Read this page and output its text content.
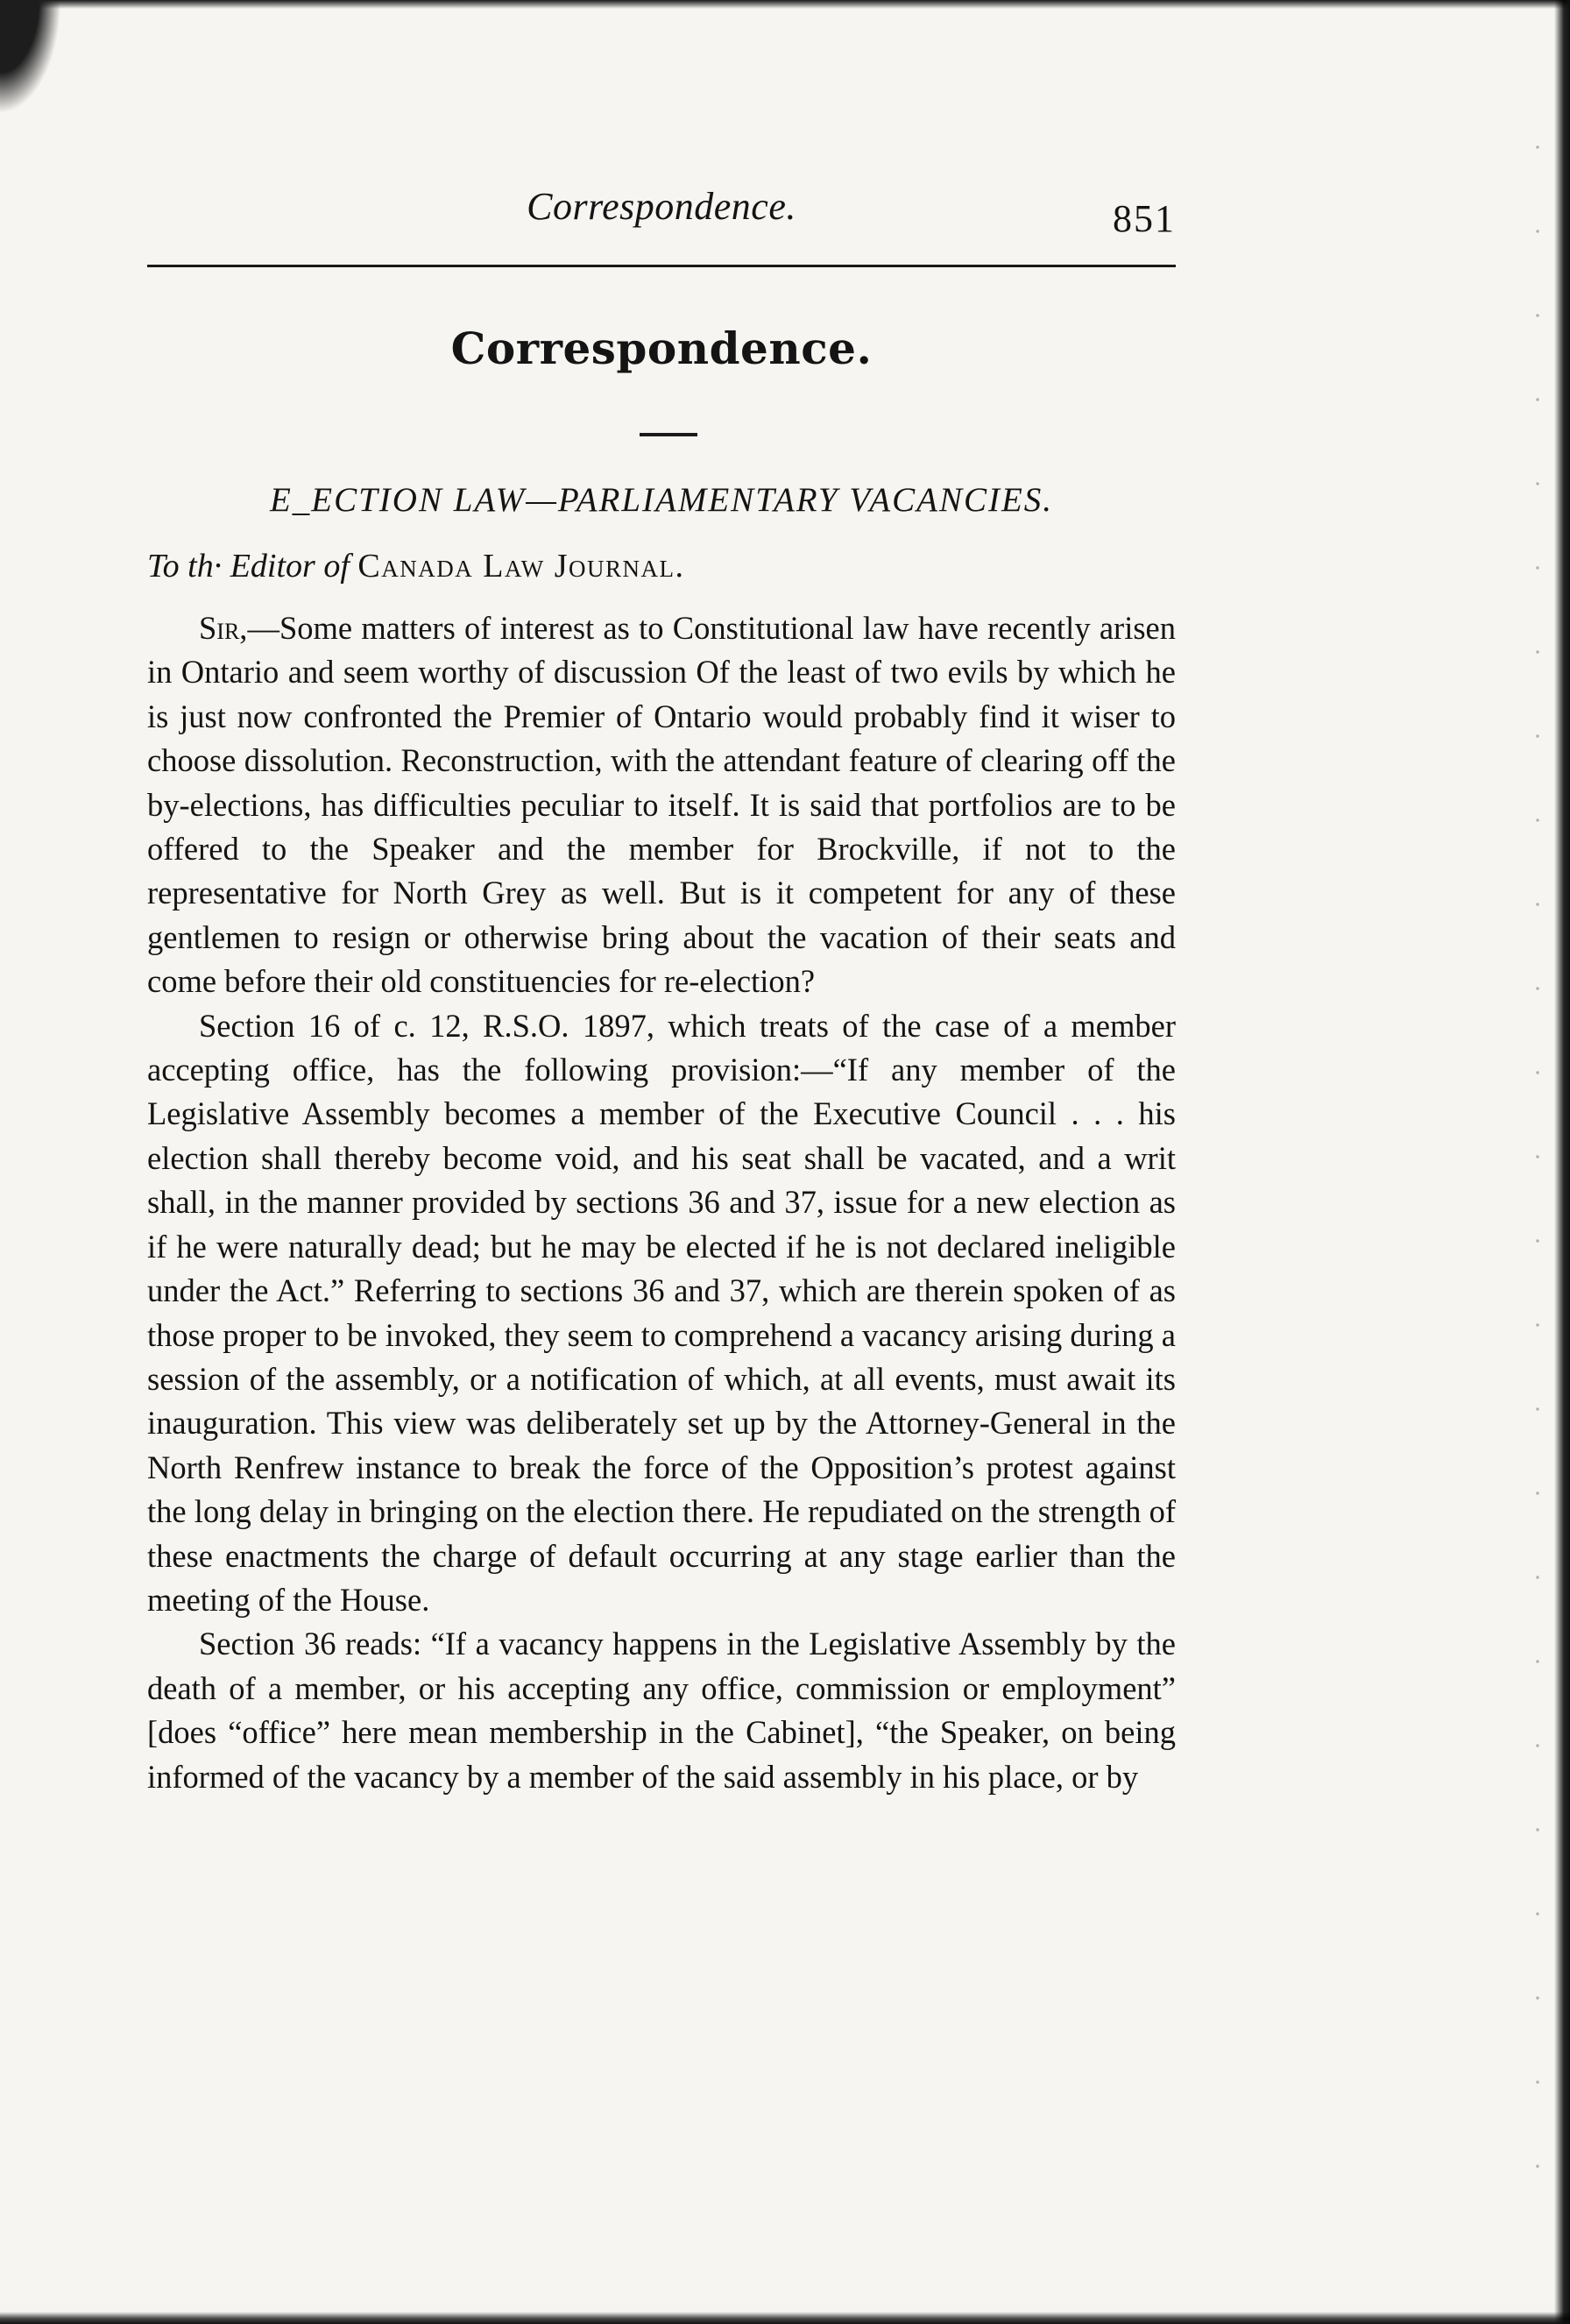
Correspondence.	851
Correspondence.
E_ECTION LAW—PARLIAMENTARY VACANCIES.
To th· Editor of Canada Law Journal.

Sir,—Some matters of interest as to Constitutional law have recently arisen in Ontario and seem worthy of discussion Of the least of two evils by which he is just now confronted the Premier of Ontario would probably find it wiser to choose dissolution. Reconstruction, with the attendant feature of clearing off the by-elections, has difficulties peculiar to itself. It is said that portfolios are to be offered to the Speaker and the member for Brockville, if not to the representative for North Grey as well. But is it competent for any of these gentlemen to resign or otherwise bring about the vacation of their seats and come before their old constituencies for re-election?

Section 16 of c. 12, R.S.O. 1897, which treats of the case of a member accepting office, has the following provision:—“If any member of the Legislative Assembly becomes a member of the Executive Council . . . his election shall thereby become void, and his seat shall be vacated, and a writ shall, in the manner provided by sections 36 and 37, issue for a new election as if he were naturally dead; but he may be elected if he is not declared ineligible under the Act.” Referring to sections 36 and 37, which are therein spoken of as those proper to be invoked, they seem to comprehend a vacancy arising during a session of the assembly, or a notification of which, at all events, must await its inauguration. This view was deliberately set up by the Attorney-General in the North Renfrew instance to break the force of the Opposition’s protest against the long delay in bringing on the election there. He repudiated on the strength of these enactments the charge of default occurring at any stage earlier than the meeting of the House.

Section 36 reads: “If a vacancy happens in the Legislative Assembly by the death of a member, or his accepting any office, commission or employment” [does “office” here mean membership in the Cabinet], “the Speaker, on being informed of the vacancy by a member of the said assembly in his place, or by
